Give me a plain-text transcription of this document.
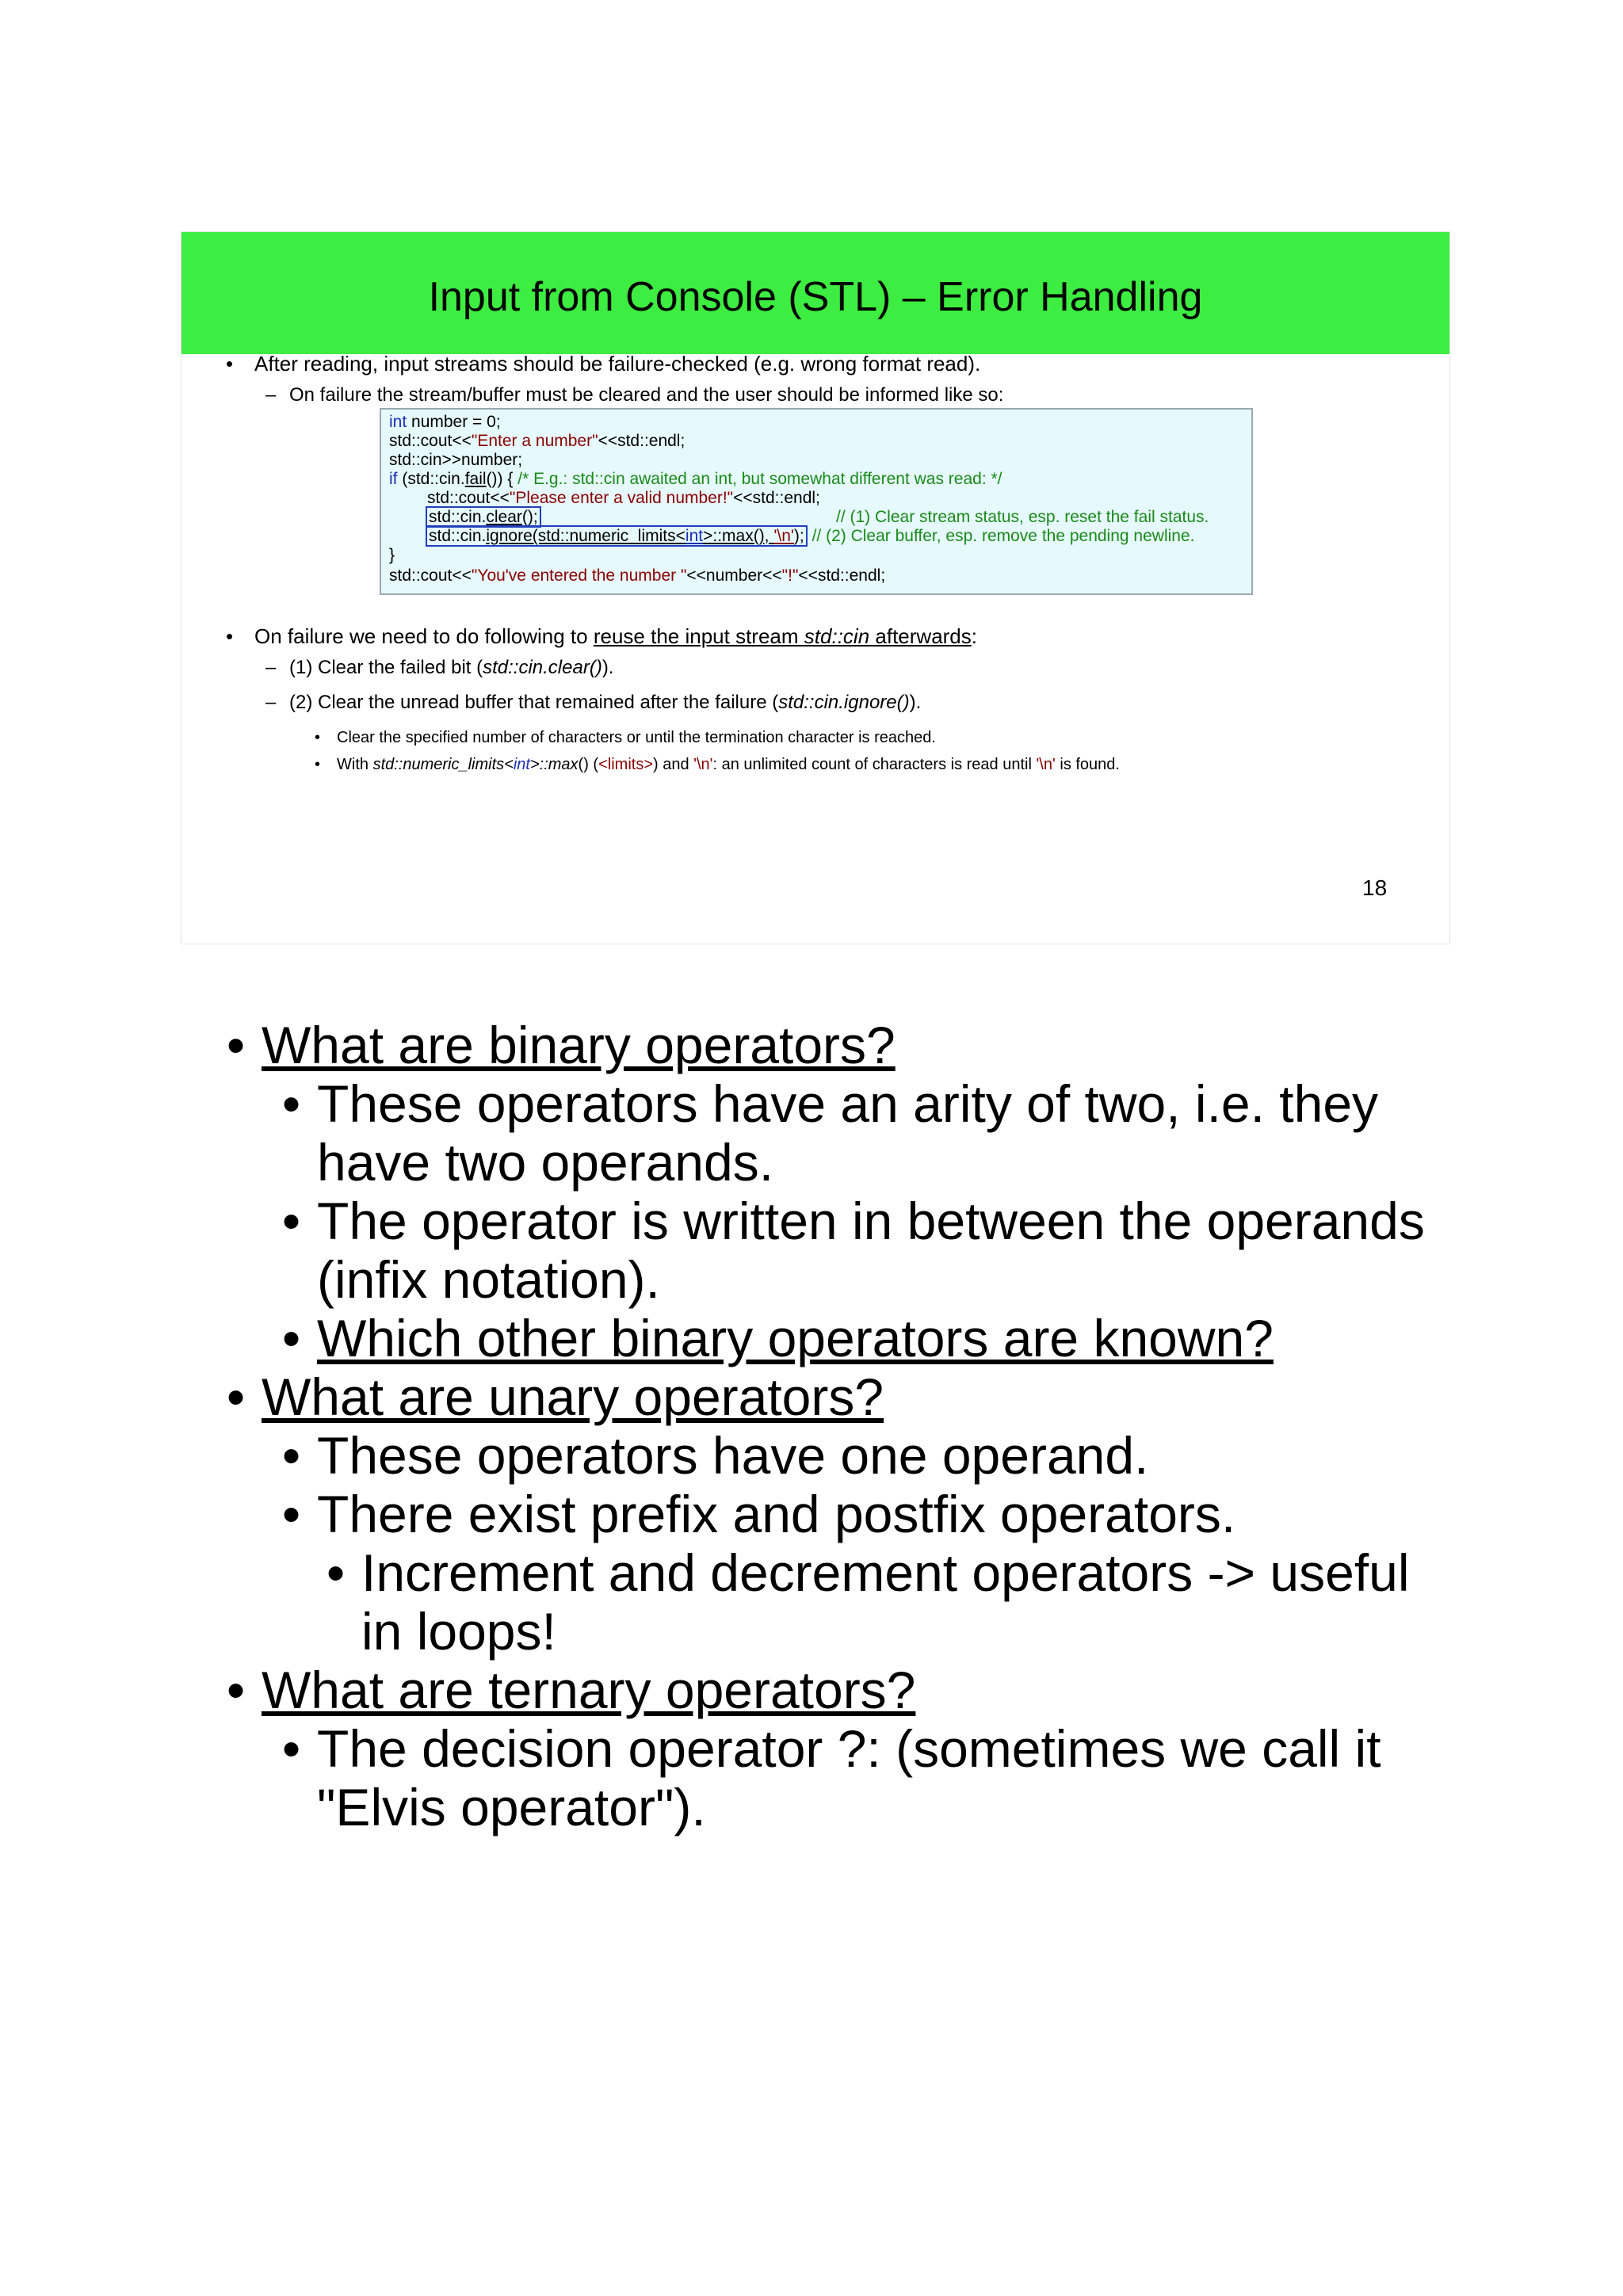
Input from Console (STL) – Error Handling
• After reading, input streams should be failure-checked (e.g. wrong format read).
– On failure the stream/buffer must be cleared and the user should be informed like so:
int number = 0;
std::cout<<"Enter a number"<<std::endl;
std::cin>>number;
if (std::cin.fail()) { /* E.g.: std::cin awaited an int, but somewhat different was read: */
std::cout<<"Please enter a valid number!"<<std::endl;
std::cin.clear();	// (1) Clear stream status, esp. reset the fail status.
std::cin.ignore(std::numeric_limits<int>::max(), '\n'); // (2) Clear buffer, esp. remove the pending newline.
}
std::cout<<"You've entered the number "<<number<<"!"<<std::endl;
• On failure we need to do following to reuse the input stream std::cin afterwards:
– (1) Clear the failed bit (std::cin.clear()).
– (2) Clear the unread buffer that remained after the failure (std::cin.ignore()).
• Clear the specified number of characters or until the termination character is reached.
• With std::numeric_limits<int>::max() (<limits>) and '\n': an unlimited count of characters is read until '\n' is found.
18
• What are binary operators?
• These operators have an arity of two, i.e. they
have two operands.
• The operator is written in between the operands
(infix notation).
• Which other binary operators are known?
• What are unary operators?
• These operators have one operand.
• There exist prefix and postfix operators.
• Increment and decrement operators -> useful
in loops!
• What are ternary operators?
• The decision operator ?: (sometimes we call it
"Elvis operator").
